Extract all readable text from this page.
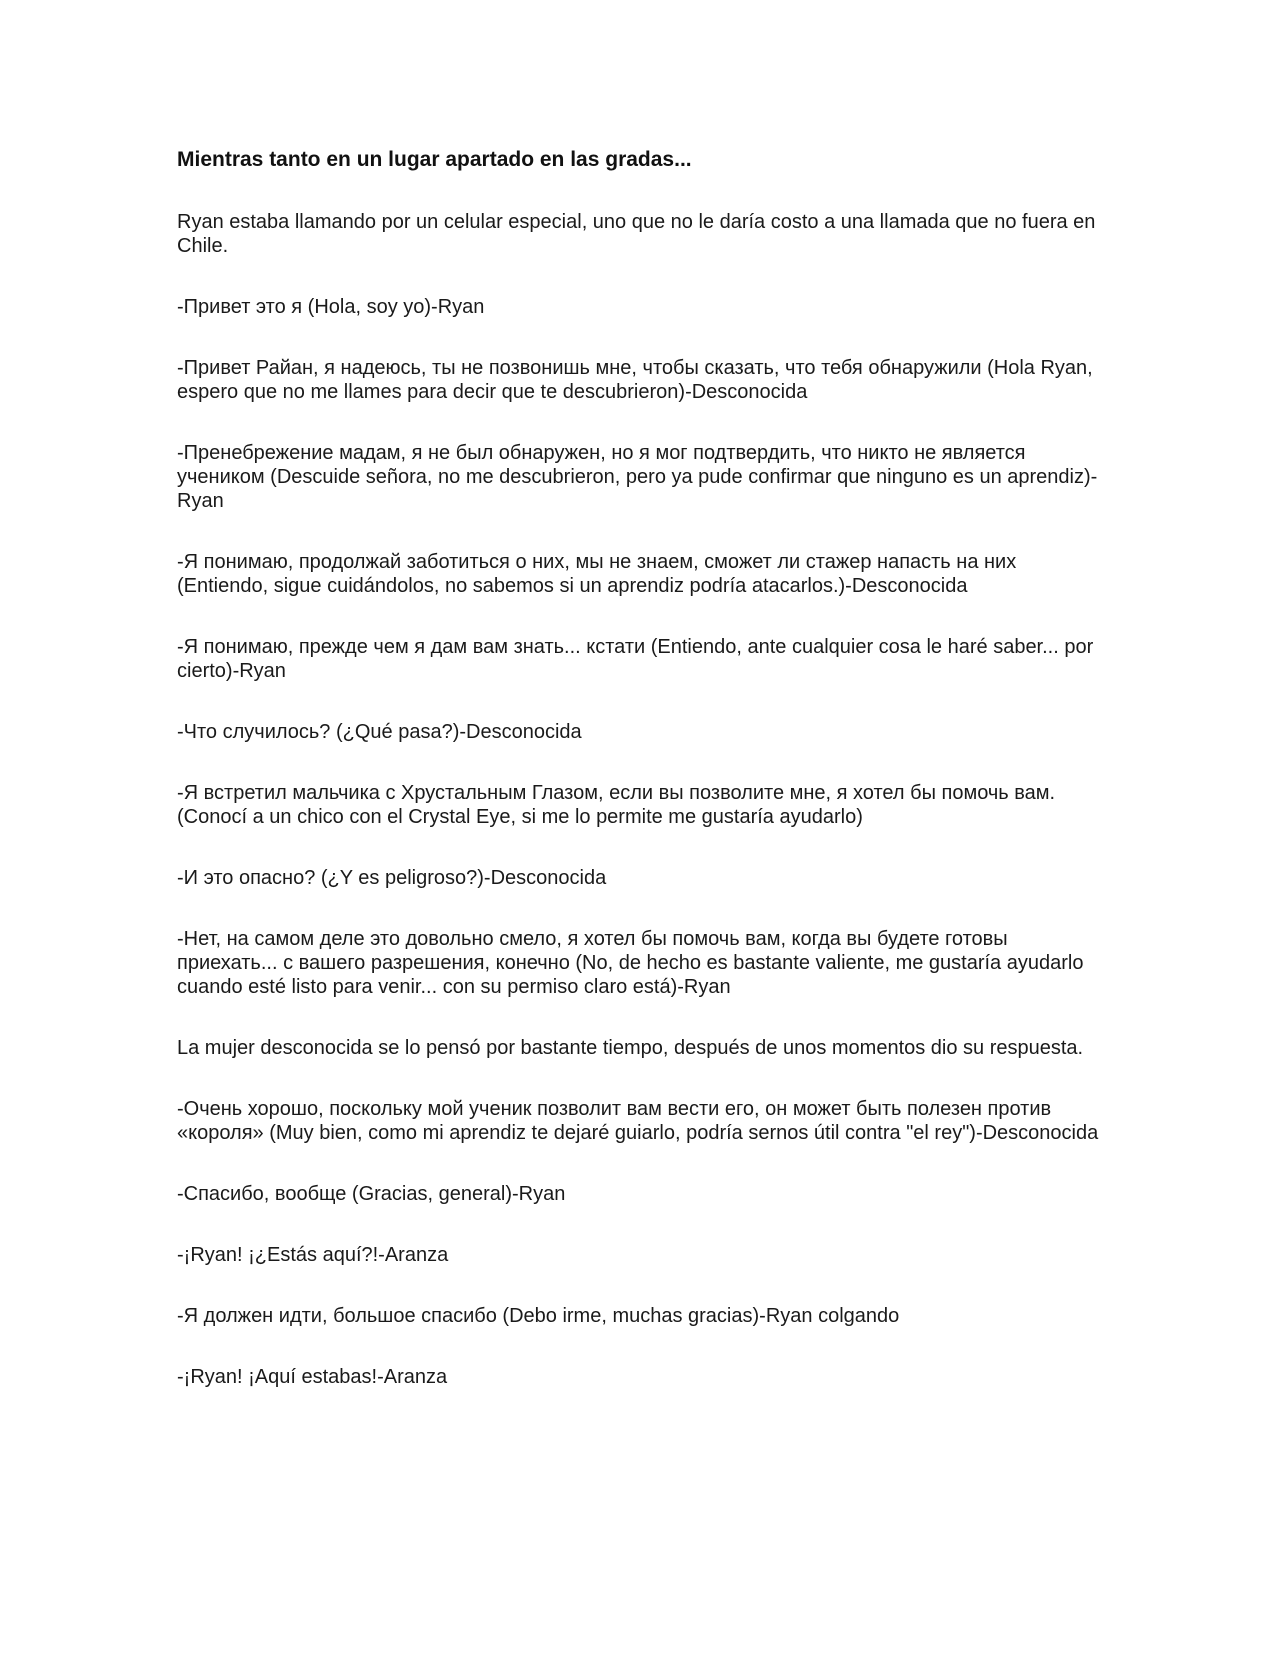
Mientras tanto en un lugar apartado en las gradas...

Ryan estaba llamando por un celular especial, uno que no le daría costo a una llamada que no fuera en Chile.

-Привет это я (Hola, soy yo)-Ryan

-Привет Райан, я надеюсь, ты не позвонишь мне, чтобы сказать, что тебя обнаружили (Hola Ryan, espero que no me llames para decir que te descubrieron)-Desconocida

-Пренебрежение мадам, я не был обнаружен, но я мог подтвердить, что никто не является учеником (Descuide señora, no me descubrieron, pero ya pude confirmar que ninguno es un aprendiz)-Ryan

-Я понимаю, продолжай заботиться о них, мы не знаем, сможет ли стажер напасть на них (Entiendo, sigue cuidándolos, no sabemos si un aprendiz podría atacarlos.)-Desconocida

-Я понимаю, прежде чем я дам вам знать... кстати (Entiendo, ante cualquier cosa le haré saber... por cierto)-Ryan

-Что случилось? (¿Qué pasa?)-Desconocida

-Я встретил мальчика с Хрустальным Глазом, если вы позволите мне, я хотел бы помочь вам. (Conocí a un chico con el Crystal Eye, si me lo permite me gustaría ayudarlo)

-И это опасно? (¿Y es peligroso?)-Desconocida

-Нет, на самом деле это довольно смело, я хотел бы помочь вам, когда вы будете готовы приехать... с вашего разрешения, конечно (No, de hecho es bastante valiente, me gustaría ayudarlo cuando esté listo para venir... con su permiso claro está)-Ryan

La mujer desconocida se lo pensó por bastante tiempo, después de unos momentos dio su respuesta.

-Очень хорошо, поскольку мой ученик позволит вам вести его, он может быть полезен против «короля» (Muy bien, como mi aprendiz te dejaré guiarlo, podría sernos útil contra "el rey")-Desconocida

-Спасибо, вообще (Gracias, general)-Ryan

-¡Ryan! ¡¿Estás aquí?!-Aranza

-Я должен идти, большое спасибо (Debo irme, muchas gracias)-Ryan colgando

-¡Ryan! ¡Aquí estabas!-Aranza
